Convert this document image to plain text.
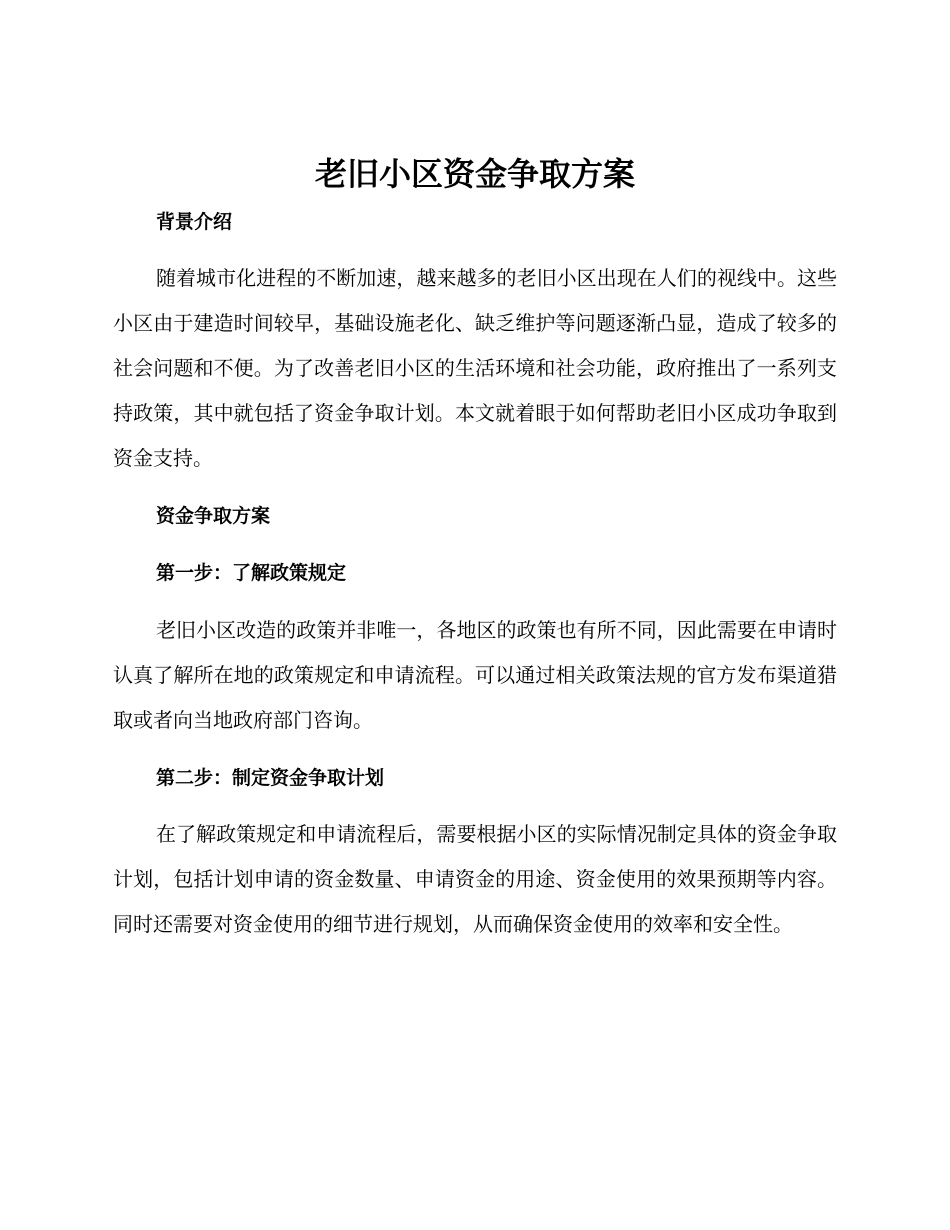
老旧小区资金争取方案
背景介绍

随着城市化进程的不断加速，越来越多的老旧小区出现在人们的视线中。这些小区由于建造时间较早，基础设施老化、缺乏维护等问题逐渐凸显，造成了较多的社会问题和不便。为了改善老旧小区的生活环境和社会功能，政府推出了一系列支持政策，其中就包括了资金争取计划。本文就着眼于如何帮助老旧小区成功争取到资金支持。

资金争取方案
第一步：了解政策规定

老旧小区改造的政策并非唯一，各地区的政策也有所不同，因此需要在申请时认真了解所在地的政策规定和申请流程。可以通过相关政策法规的官方发布渠道猎取或者向当地政府部门咨询。

第二步：制定资金争取计划

在了解政策规定和申请流程后，需要根据小区的实际情况制定具体的资金争取计划，包括计划申请的资金数量、申请资金的用途、资金使用的效果预期等内容。同时还需要对资金使用的细节进行规划，从而确保资金使用的效率和安全性。
